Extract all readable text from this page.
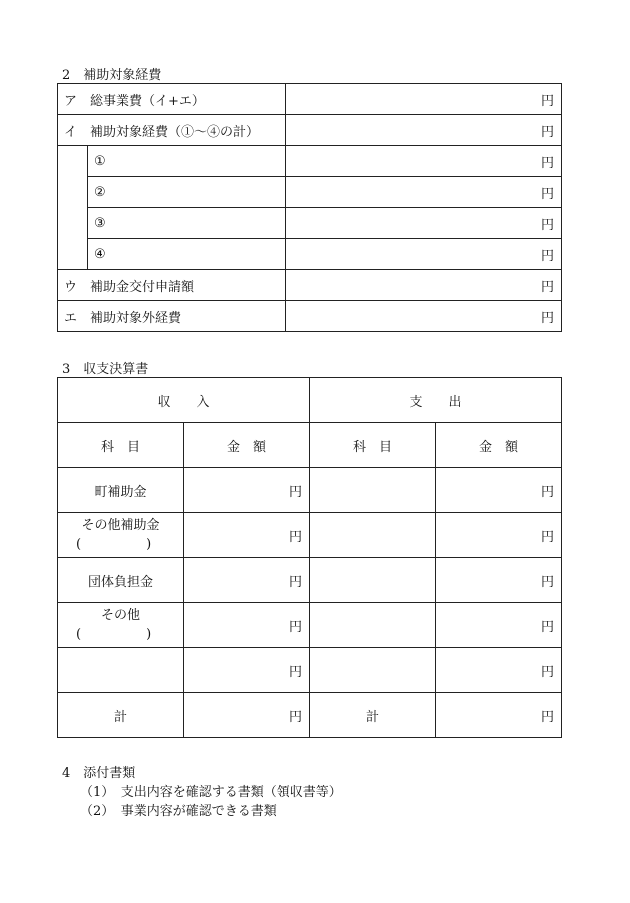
2　補助対象経費
ア　総事業費（イ+エ）		円
イ　補助対象経費（①～④の計）		円
	①	円
	②	円
	③	円
	④	円
ウ　補助金交付申請額		円
エ　補助対象外経費		円
3　収支決算書
収　　入		支　　出	
科　目	金　額	科　目	金　額
町補助金	円		円
その他補助金
(　　　　　)	円		円
団体負担金	円		円
その他
(　　　　　)	円		円
	円		円
計	円	計	円
4　添付書類
（1）　支出内容を確認する書類（領収書等）
（2）　事業内容が確認できる書類
